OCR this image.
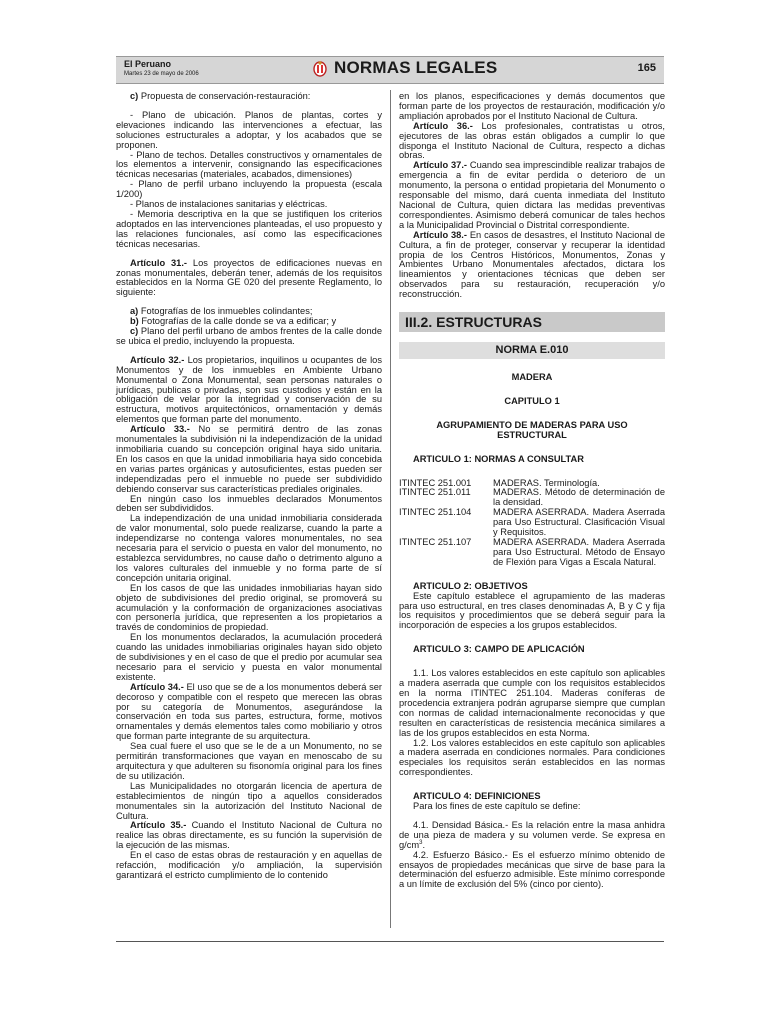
El Peruano
Martes 23 de mayo de 2006	NORMAS LEGALES	165

c) Propuesta de conservación-restauración:

- Plano de ubicación. Planos de plantas, cortes y elevaciones indicando las intervenciones a efectuar, las soluciones estructurales a adoptar, y los acabados que se proponen.

- Plano de techos. Detalles constructivos y ornamentales de los elementos a intervenir, consignando las especificaciones técnicas necesarias (materiales, acabados, dimensiones)

- Plano de perfil urbano incluyendo la propuesta (escala 1/200)

- Planos de instalaciones sanitarias y eléctricas.

- Memoria descriptiva en la que se justifiquen los criterios adoptados en las intervenciones planteadas, el uso propuesto y las relaciones funcionales, así como las especificaciones técnicas necesarias.

Artículo 31.- Los proyectos de edificaciones nuevas en zonas monumentales, deberán tener, además de los requisitos establecidos en la Norma GE 020 del presente Reglamento, lo siguiente:

a) Fotografías de los inmuebles colindantes;

b) Fotografías de la calle donde se va a edificar; y

c) Plano del perfil urbano de ambos frentes de la calle donde se ubica el predio, incluyendo la propuesta.

Artículo 32.- Los propietarios, inquilinos u ocupantes de los Monumentos y de los inmuebles en Ambiente Urbano Monumental o Zona Monumental, sean personas naturales o jurídicas, publicas o privadas, son sus custodios y están en la obligación de velar por la integridad y conservación de su estructura, motivos arquitectónicos, ornamentación y demás elementos que forman parte del monumento.

Artículo 33.- No se permitirá dentro de las zonas monumentales la subdivisión ni la independización de la unidad inmobiliaria cuando su concepción original haya sido unitaria. En los casos en que la unidad inmobiliaria haya sido concebida en varias partes orgánicas y autosuficientes, estas pueden ser independizadas pero el inmueble no puede ser subdividido debiendo conservar sus características prediales originales.

En ningún caso los inmuebles declarados Monumentos deben ser subdivididos.

La independización de una unidad inmobiliaria considerada de valor monumental, solo puede realizarse, cuando la parte a independizarse no contenga valores monumentales, no sea necesaria para el servicio o puesta en valor del monumento, no establezca servidumbres, no cause daño o detrimento alguno a los valores culturales del inmueble y no forma parte de sí concepción unitaria original.

En los casos de que las unidades inmobiliarias hayan sido objeto de subdivisiones del predio original, se promoverá su acumulación y la conformación de organizaciones asociativas con personería jurídica, que representen a los propietarios a través de condominios de propiedad.

En los monumentos declarados, la acumulación procederá cuando las unidades inmobiliarias originales hayan sido objeto de subdivisiones y en el caso de que el predio por acumular sea necesario para el servicio y puesta en valor monumental existente.

Artículo 34.- El uso que se de a los monumentos deberá ser decoroso y compatible con el respeto que merecen las obras por su categoría de Monumentos, asegurándose la conservación en toda sus partes, estructura, forme, motivos ornamentales y demás elementos tales como mobiliario y otros que forman parte integrante de su arquitectura.

Sea cual fuere el uso que se le de a un Monumento, no se permitirán transformaciones que vayan en menoscabo de su arquitectura y que adulteren su fisonomía original para los fines de su utilización.

Las Municipalidades no otorgarán licencia de apertura de establecimientos de ningún tipo a aquellos considerados monumentales sin la autorización del Instituto Nacional de Cultura.

Artículo 35.- Cuando el Instituto Nacional de Cultura no realice las obras directamente, es su función la supervisión de la ejecución de las mismas.

En el caso de estas obras de restauración y en aquellas de refacción, modificación y/o ampliación, la supervisión garantizará el estricto cumplimiento de lo contenido

en los planos, especificaciones y demás documentos que forman parte de los proyectos de restauración, modificación y/o ampliación aprobados por el Instituto Nacional de Cultura.

Artículo 36.- Los profesionales, contratistas u otros, ejecutores de las obras están obligados a cumplir lo que disponga el Instituto Nacional de Cultura, respecto a dichas obras.

Artículo 37.- Cuando sea imprescindible realizar trabajos de emergencia a fin de evitar perdida o deterioro de un monumento, la persona o entidad propietaria del Monumento o responsable del mismo, dará cuenta inmediata del Instituto Nacional de Cultura, quien dictara las medidas preventivas correspondientes. Asimismo deberá comunicar de tales hechos a la Municipalidad Provincial o Distrital correspondiente.

Artículo 38.- En casos de desastres, el Instituto Nacional de Cultura, a fin de proteger, conservar y recuperar la identidad propia de los Centros Históricos, Monumentos, Zonas y Ambientes Urbano Monumentales afectados, dictara los lineamientos y orientaciones técnicas que deben ser observados para su restauración, recuperación y/o reconstrucción.

III.2. ESTRUCTURAS
NORMA E.010

MADERA

CAPITULO 1

AGRUPAMIENTO DE MADERAS PARA USO ESTRUCTURAL

ARTICULO 1: NORMAS A CONSULTAR

ITINTEC 251.001	MADERAS. Terminología.
ITINTEC 251.011	MADERAS. Método de determinación de la densidad.
ITINTEC 251.104	MADERA ASERRADA. Madera Aserrada para Uso Estructural. Clasificación Visual y Requisitos.
ITINTEC 251.107	MADERA ASERRADA. Madera Aserrada para Uso Estructural. Método de Ensayo de Flexión para Vigas a Escala Natural.

ARTICULO 2: OBJETIVOS

Este capítulo establece el agrupamiento de las maderas para uso estructural, en tres clases denominadas A, B y C y fija los requisitos y procedimientos que se deberá seguir para la incorporación de especies a los grupos establecidos.

ARTICULO 3: CAMPO DE APLICACIÓN

1.1. Los valores establecidos en este capítulo son aplicables a madera aserrada que cumple con los requisitos establecidos en la norma ITINTEC 251.104. Maderas coníferas de procedencia extranjera podrán agruparse siempre que cumplan con normas de calidad internacionalmente reconocidas y que resulten en características de resistencia mecánica similares a las de los grupos establecidos en esta Norma.

1.2. Los valores establecidos en este capítulo son aplicables a madera aserrada en condiciones normales. Para condiciones especiales los requisitos serán establecidos en las normas correspondientes.

ARTICULO 4: DEFINICIONES

Para los fines de este capítulo se define:

4.1. Densidad Básica.- Es la relación entre la masa anhidra de una pieza de madera y su volumen verde. Se expresa en $g/cm^3$.

4.2. Esfuerzo Básico.- Es el esfuerzo mínimo obtenido de ensayos de propiedades mecánicas que sirve de base para la determinación del esfuerzo admisible. Este mínimo corresponde a un límite de exclusión del 5% (cinco por ciento).
